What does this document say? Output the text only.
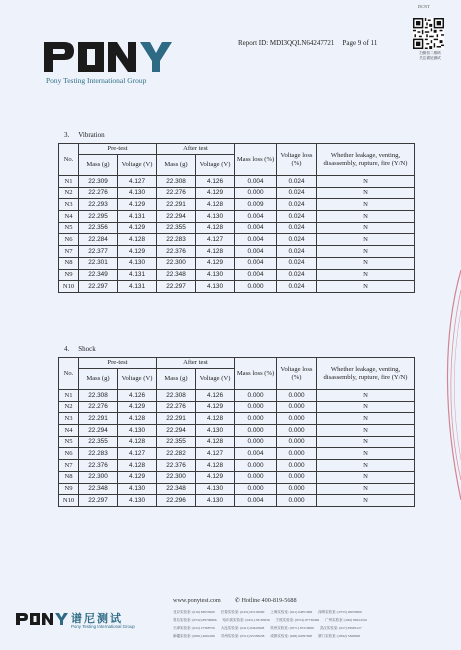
DCNT
Pony Testing International Group
Report ID: MDI3QQLN64247721 Page 9 of 11
扫微信二维码
关注谱尼测试
3. Vibration
No.	Pre-test		After test		Mass loss (%)	Voltage loss (%)	Whether leakage, venting, disassembly, rupture, fire (Y/N)
	Mass (g)	Voltage (V)	Mass (g)	Voltage (V)			
N1	22.309	4.127	22.308	4.126	0.004	0.024	N
N2	22.276	4.130	22.276	4.129	0.000	0.024	N
N3	22.293	4.129	22.291	4.128	0.009	0.024	N
N4	22.295	4.131	22.294	4.130	0.004	0.024	N
N5	22.356	4.129	22.355	4.128	0.004	0.024	N
N6	22.284	4.128	22.283	4.127	0.004	0.024	N
N7	22.377	4.129	22.376	4.128	0.004	0.024	N
N8	22.301	4.130	22.300	4.129	0.004	0.024	N
N9	22.349	4.131	22.348	4.130	0.004	0.024	N
N10	22.297	4.131	22.297	4.130	0.000	0.024	N
4. Shock
No.	Pre-test		After test		Mass loss (%)	Voltage loss (%)	Whether leakage, venting, disassembly, rupture, fire (Y/N)
	Mass (g)	Voltage (V)	Mass (g)	Voltage (V)			
N1	22.308	4.126	22.308	4.126	0.000	0.000	N
N2	22.276	4.129	22.276	4.129	0.000	0.000	N
N3	22.291	4.128	22.291	4.128	0.000	0.000	N
N4	22.294	4.130	22.294	4.130	0.000	0.000	N
N5	22.355	4.128	22.355	4.128	0.000	0.000	N
N6	22.283	4.127	22.282	4.127	0.004	0.000	N
N7	22.376	4.128	22.376	4.128	0.000	0.000	N
N8	22.300	4.129	22.300	4.129	0.000	0.000	N
N9	22.348	4.130	22.348	4.130	0.000	0.000	N
N10	22.297	4.130	22.296	4.130	0.004	0.000	N
www.ponytest.com ✆ Hotline 400-819-5688
谱尼测试
Pony Testing International Group
北京实验室: (010) 83055000 长春实验室: (0431) 85150990 上海实验室: (021) 64851999 深圳实验室: (0755) 26050909
青岛实验室: (0532) 88706866 哈尔滨实验室: (0451) 58165836 宁波实验室: (0574) 87736499 广州实验室: (020) 89224310
天津实验室: (022) 27368756 大连实验室: (0411) 84619828 杭州实验室: (0571) 87219696 武汉实验室: (027) 83993127
新疆实验室: (0991) 4604186 苏州实验室: (0512) 65530638 成都实验室: (028) 62097900 厦门实验室: (0592) 5368948
